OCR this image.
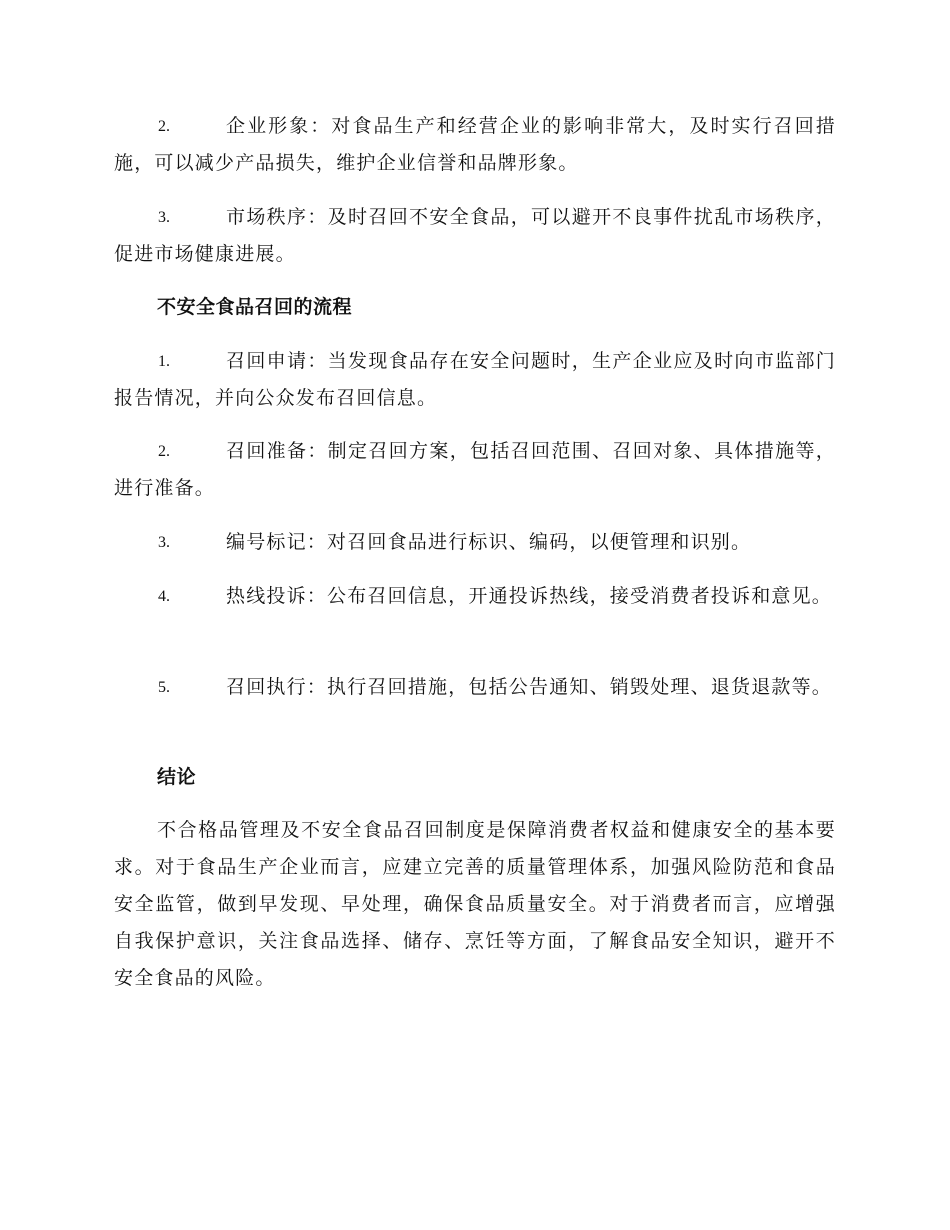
2.	企业形象：对食品生产和经营企业的影响非常大，及时实行召回措施，可以减少产品损失，维护企业信誉和品牌形象。
3.	市场秩序：及时召回不安全食品，可以避开不良事件扰乱市场秩序，促进市场健康进展。
不安全食品召回的流程
1.	召回申请：当发现食品存在安全问题时，生产企业应及时向市监部门报告情况，并向公众发布召回信息。
2.	召回准备：制定召回方案，包括召回范围、召回对象、具体措施等，进行准备。
3.	编号标记：对召回食品进行标识、编码，以便管理和识别。
4.	热线投诉：公布召回信息，开通投诉热线，接受消费者投诉和意见。
5.	召回执行：执行召回措施，包括公告通知、销毁处理、退货退款等。
结论
不合格品管理及不安全食品召回制度是保障消费者权益和健康安全的基本要求。对于食品生产企业而言，应建立完善的质量管理体系，加强风险防范和食品安全监管，做到早发现、早处理，确保食品质量安全。对于消费者而言，应增强自我保护意识，关注食品选择、储存、烹饪等方面，了解食品安全知识，避开不安全食品的风险。
